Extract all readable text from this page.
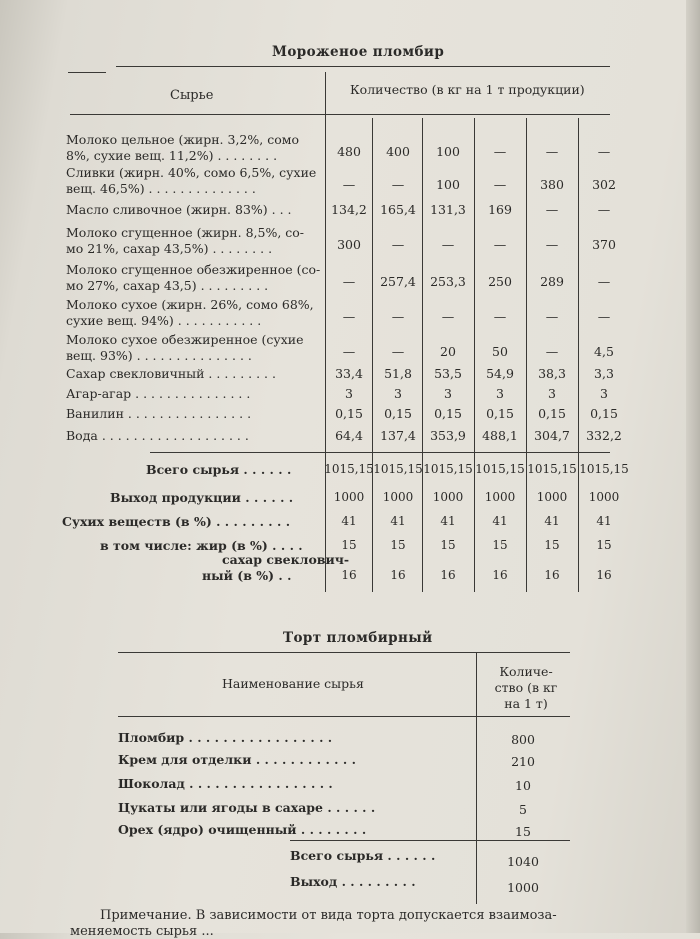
Мороженое пломбир
Сырье	Количество (в кг на 1 т продукции)
Молоко цельное (жирн. 3,2%, сомо
8%, сухие вещ. 11,2%) . . . . . . . .	480	400	100	—	—	—
Сливки (жирн. 40%, сомо 6,5%, сухие
вещ. 46,5%) . . . . . . . . . . . . . .	—	—	100	—	380	302
Масло сливочное (жирн. 83%) . . .	134,2	165,4	131,3	169	—	—
Молоко сгущенное (жирн. 8,5%, со-
мо 21%, сахар 43,5%) . . . . . . . .	300	—	—	—	—	370
Молоко сгущенное обезжиренное (со-
мо 27%, сахар 43,5) . . . . . . . . .	—	257,4	253,3	250	289	—
Молоко сухое (жирн. 26%, сомо 68%,
сухие вещ. 94%) . . . . . . . . . . .	—	—	—	—	—	—
Молоко сухое обезжиренное (сухие
вещ. 93%) . . . . . . . . . . . . . . .	—	—	20	50	—	4,5
Сахар свекловичный . . . . . . . . .	33,4	51,8	53,5	54,9	38,3	3,3
Агар-агар . . . . . . . . . . . . . . .	3	3	3	3	3	3
Ванилин . . . . . . . . . . . . . . . .	0,15	0,15	0,15	0,15	0,15	0,15
Вода . . . . . . . . . . . . . . . . . . .	64,4	137,4	353,9	488,1	304,7	332,2
Всего сырья . . . . . .	1015,15 1015,15 1015,15 1015,15 1015,15 1015,15
Выход продукции . . . . . .	1000	1000	1000	1000	1000	1000
Сухих веществ (в %) . . . . . . . . .	41	41	41	41	41	41
в том числе: жир (в %) . . . .	15	15	15	15	15	15
сахар свеклович-
ный (в %) . .	16	16	16	16	16	16
Торт пломбирный
Наименование сырья
Количе-
ство (в кг
на 1 т)
Пломбир . . . . . . . . . . . . . . . . .	800
Крем для отделки . . . . . . . . . . . .	210
Шоколад . . . . . . . . . . . . . . . . .	10
Цукаты или ягоды в сахаре . . . . . .	5
Орех (ядро) очищенный . . . . . . . .	15
Всего сырья . . . . . .	1040
Выход . . . . . . . . .	1000
Примечание. В зависимости от вида торта допускается взаимоза-
меняемость сырья ...
